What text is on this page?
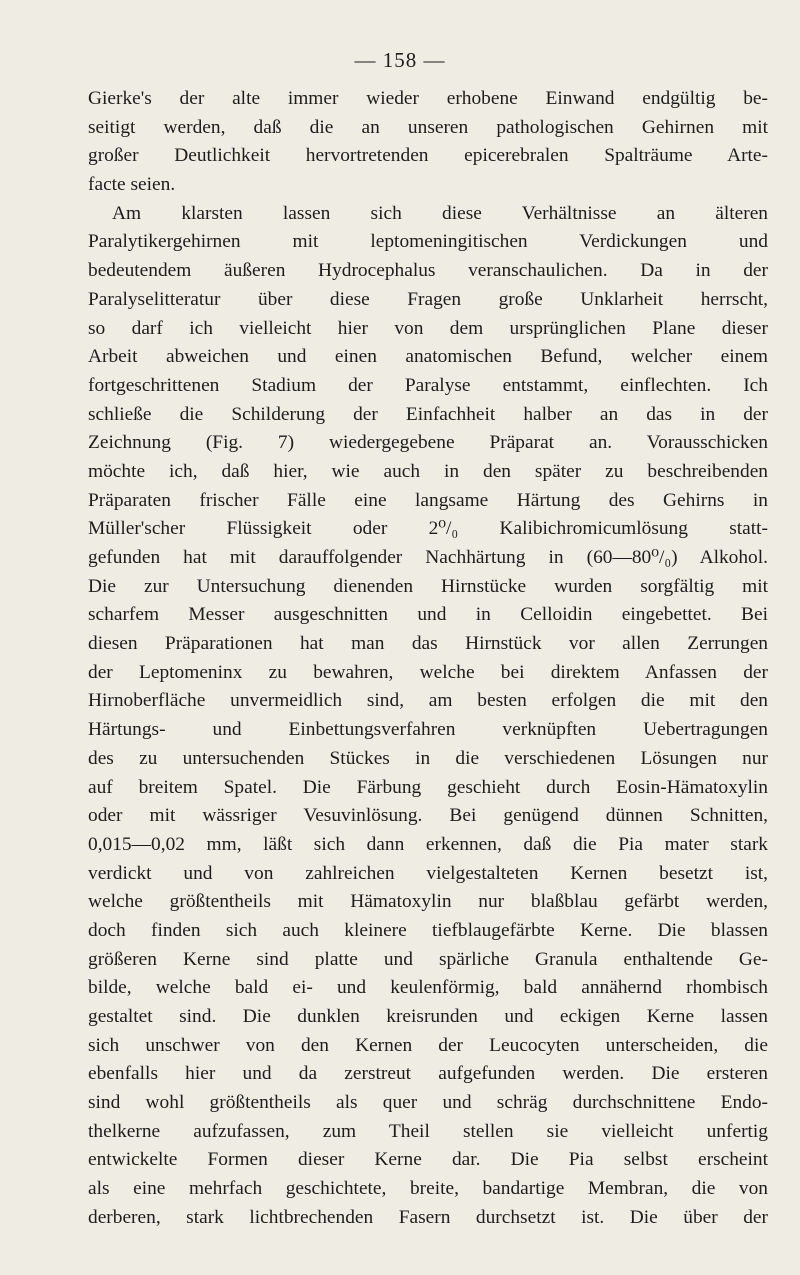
— 158 —
Gierke's der alte immer wieder erhobene Einwand endgültig be-
seitigt werden, daß die an unseren pathologischen Gehirnen mit
großer Deutlichkeit hervortretenden epicerebralen Spalträume Arte-
facte seien.
Am klarsten lassen sich diese Verhältnisse an älteren
Paralytikergehirnen mit leptomeningitischen Verdickungen und
bedeutendem äußeren Hydrocephalus veranschaulichen. Da in der
Paralyselitteratur über diese Fragen große Unklarheit herrscht,
so darf ich vielleicht hier von dem ursprünglichen Plane dieser
Arbeit abweichen und einen anatomischen Befund, welcher einem
fortgeschrittenen Stadium der Paralyse entstammt, einflechten. Ich
schließe die Schilderung der Einfachheit halber an das in der
Zeichnung (Fig. 7) wiedergegebene Präparat an. Vorausschicken
möchte ich, daß hier, wie auch in den später zu beschreibenden
Präparaten frischer Fälle eine langsame Härtung des Gehirns in
Müller'scher Flüssigkeit oder 2⁰/₀ Kalibichromicumlösung statt-
gefunden hat mit darauffolgender Nachhärtung in (60—80⁰/₀) Alkohol.
Die zur Untersuchung dienenden Hirnstücke wurden sorgfältig mit
scharfem Messer ausgeschnitten und in Celloidin eingebettet. Bei
diesen Präparationen hat man das Hirnstück vor allen Zerrungen
der Leptomeninx zu bewahren, welche bei direktem Anfassen der
Hirnoberfläche unvermeidlich sind, am besten erfolgen die mit den
Härtungs- und Einbettungsverfahren verknüpften Uebertragungen
des zu untersuchenden Stückes in die verschiedenen Lösungen nur
auf breitem Spatel. Die Färbung geschieht durch Eosin-Hämatoxylin
oder mit wässriger Vesuvinlösung. Bei genügend dünnen Schnitten,
0,015—0,02 mm, läßt sich dann erkennen, daß die Pia mater stark
verdickt und von zahlreichen vielgestalteten Kernen besetzt ist,
welche größtentheils mit Hämatoxylin nur blaßblau gefärbt werden,
doch finden sich auch kleinere tiefblaugefärbte Kerne. Die blassen
größeren Kerne sind platte und spärliche Granula enthaltende Ge-
bilde, welche bald ei- und keulenförmig, bald annähernd rhombisch
gestaltet sind. Die dunklen kreisrunden und eckigen Kerne lassen
sich unschwer von den Kernen der Leucocyten unterscheiden, die
ebenfalls hier und da zerstreut aufgefunden werden. Die ersteren
sind wohl größtentheils als quer und schräg durchschnittene Endo-
thelkerne aufzufassen, zum Theil stellen sie vielleicht unfertig
entwickelte Formen dieser Kerne dar. Die Pia selbst erscheint
als eine mehrfach geschichtete, breite, bandartige Membran, die von
derberen, stark lichtbrechenden Fasern durchsetzt ist. Die über der
